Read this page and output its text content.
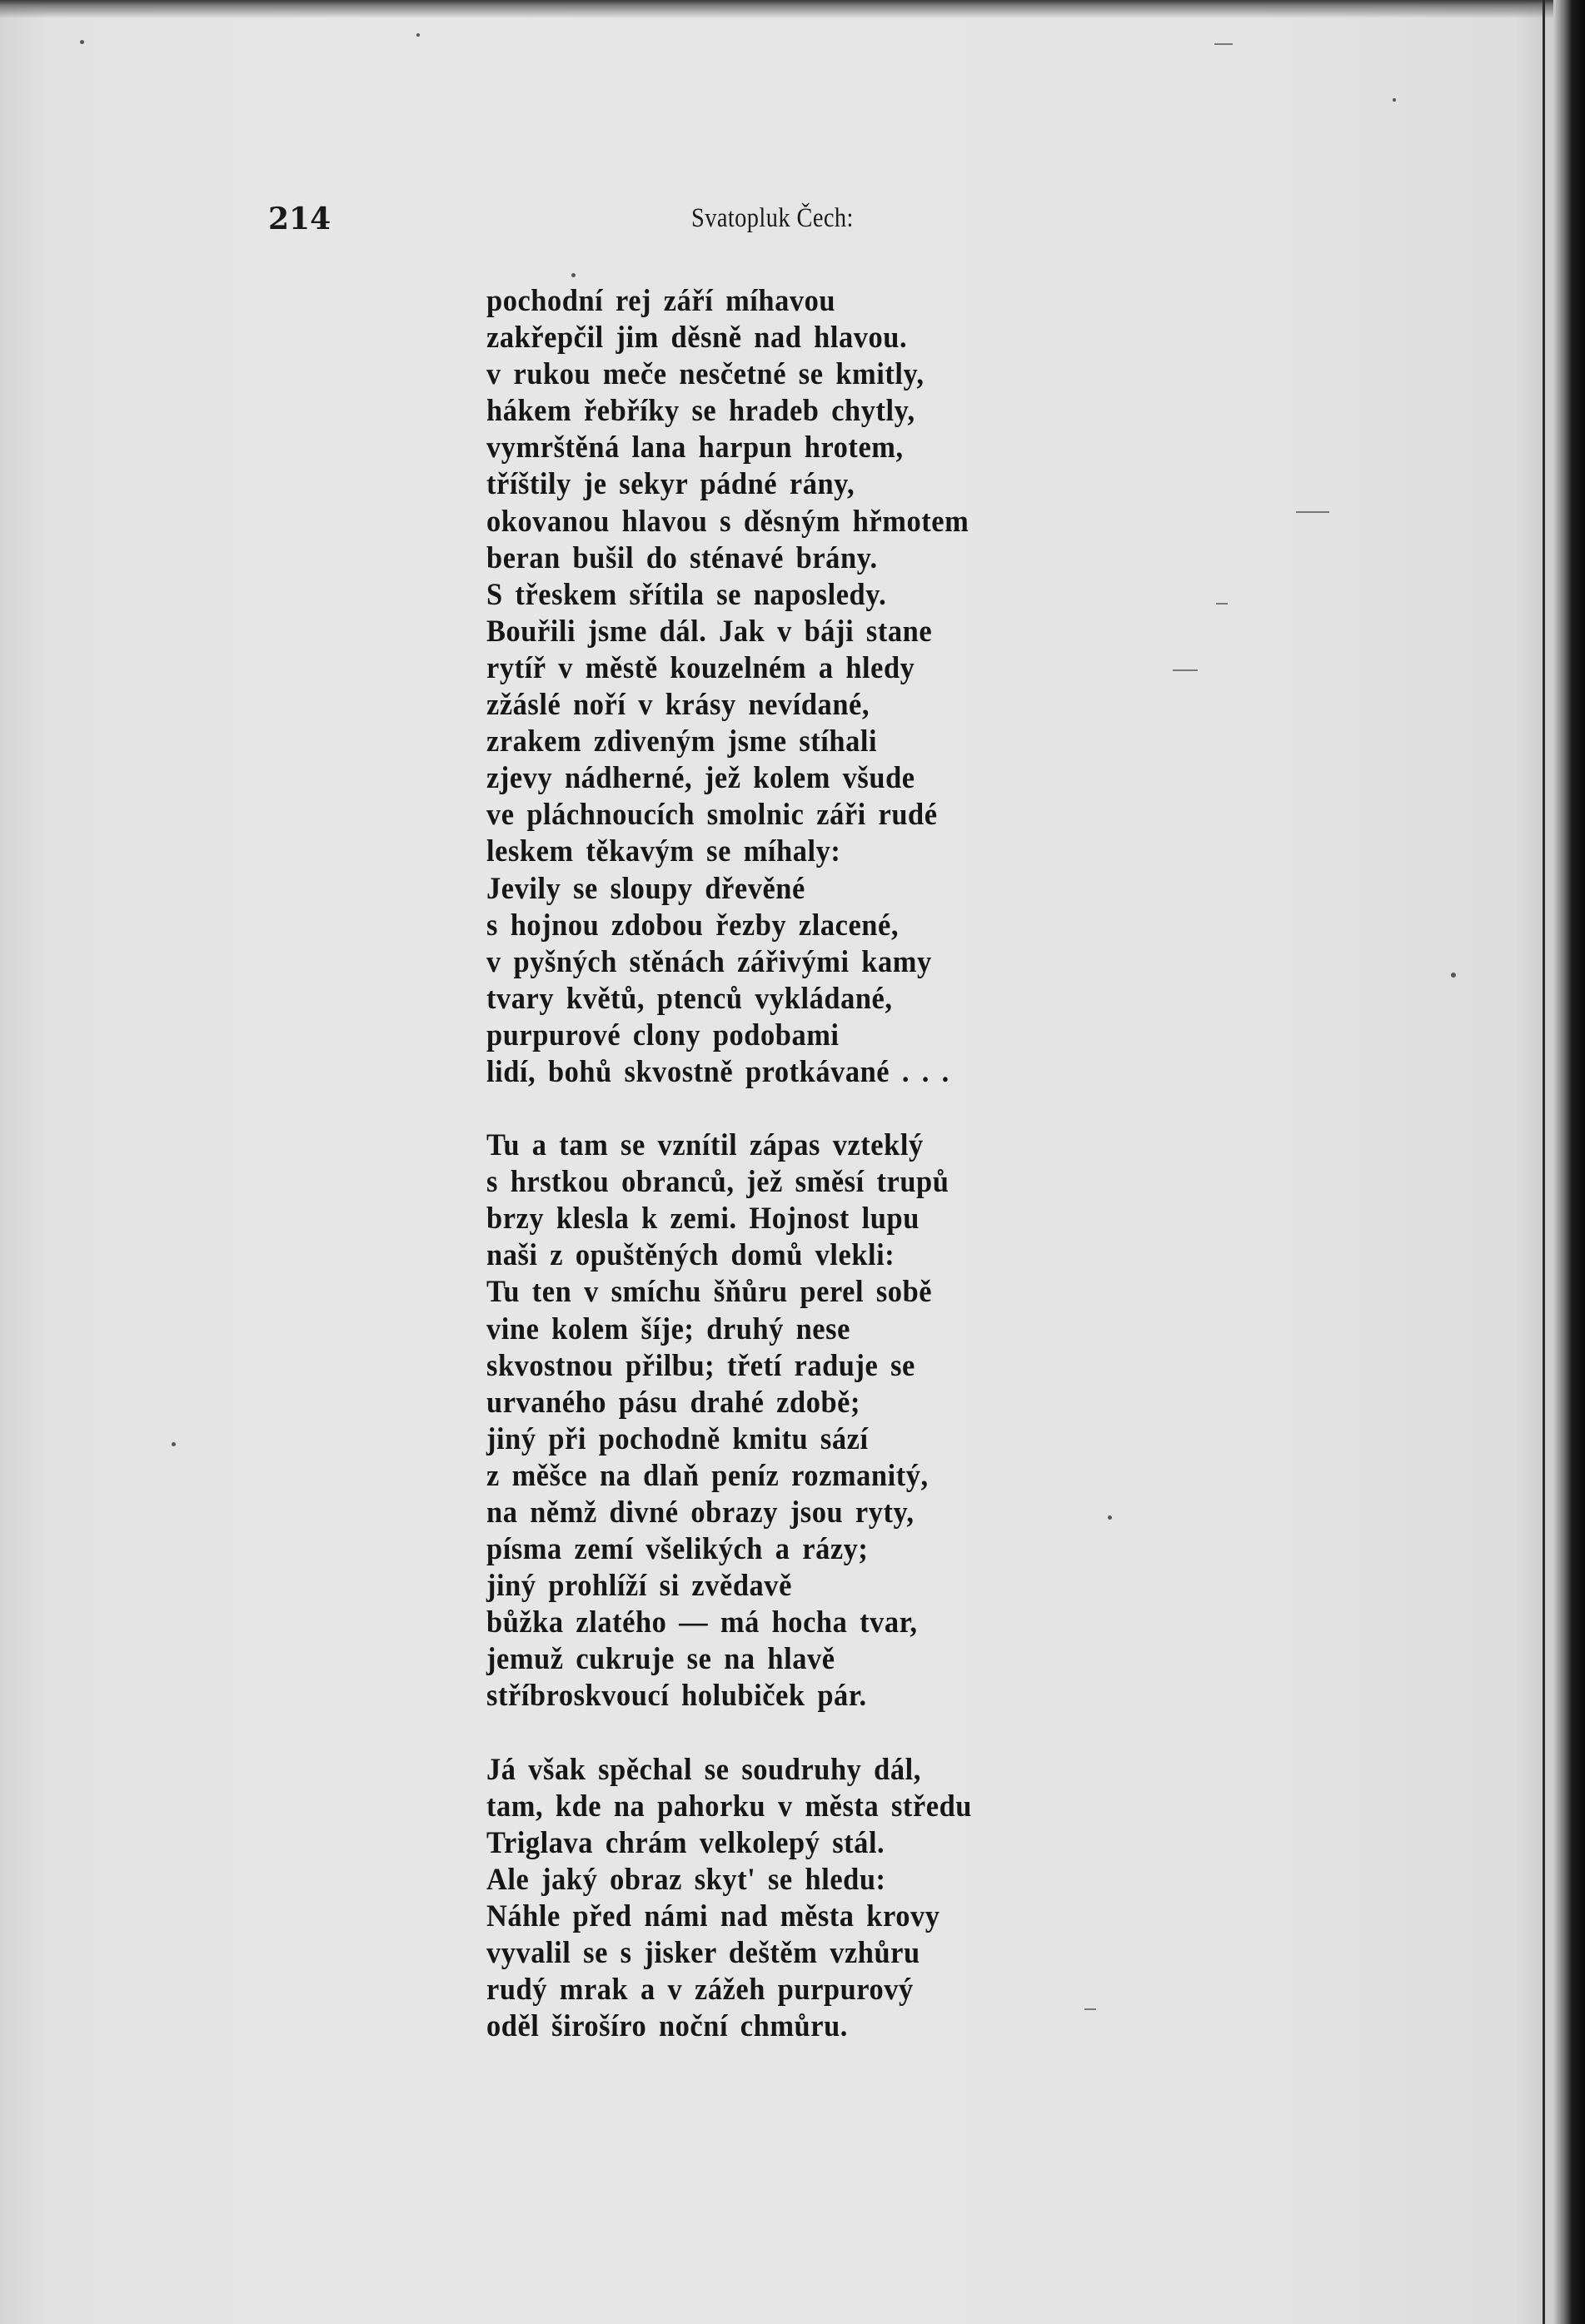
214	Svatopluk Čech:
pochodní rej září míhavou
zakřepčil jim děsně nad hlavou.
v rukou meče nesčetné se kmitly,
hákem řebříky se hradeb chytly,
vymrštěná lana harpun hrotem,
tříštily je sekyr pádné rány,
okovanou hlavou s děsným hřmotem
beran bušil do sténavé brány.
S třeskem sřítila se naposledy.
Bouřili jsme dál. Jak v báji stane
rytíř v městě kouzelném a hledy
zžáslé noří v krásy nevídané,
zrakem zdiveným jsme stíhali
zjevy nádherné, jež kolem všude
ve pláchnoucích smolnic záři rudé
leskem těkavým se míhaly:
Jevily se sloupy dřevěné
s hojnou zdobou řezby zlacené,
v pyšných stěnách zářivými kamy
tvary květů, ptenců vykládané,
purpurové clony podobami
lidí, bohů skvostně protkávané . . .
Tu a tam se vznítil zápas vzteklý
s hrstkou obranců, jež směsí trupů
brzy klesla k zemi. Hojnost lupu
naši z opuštěných domů vlekli:
Tu ten v smíchu šňůru perel sobě
vine kolem šíje; druhý nese
skvostnou přilbu; třetí raduje se
urvaného pásu drahé zdobě;
jiný při pochodně kmitu sází
z měšce na dlaň peníz rozmanitý,
na němž divné obrazy jsou ryty,
písma zemí všelikých a rázy;
jiný prohlíží si zvědavě
bůžka zlatého — má hocha tvar,
jemuž cukruje se na hlavě
stříbroskvoucí holubiček pár.
Já však spěchal se soudruhy dál,
tam, kde na pahorku v města středu
Triglava chrám velkolepý stál.
Ale jaký obraz skyt' se hledu:
Náhle před námi nad města krovy
vyvalil se s jisker deštěm vzhůru
rudý mrak a v zážeh purpurový
oděl širošíro noční chmůru.
